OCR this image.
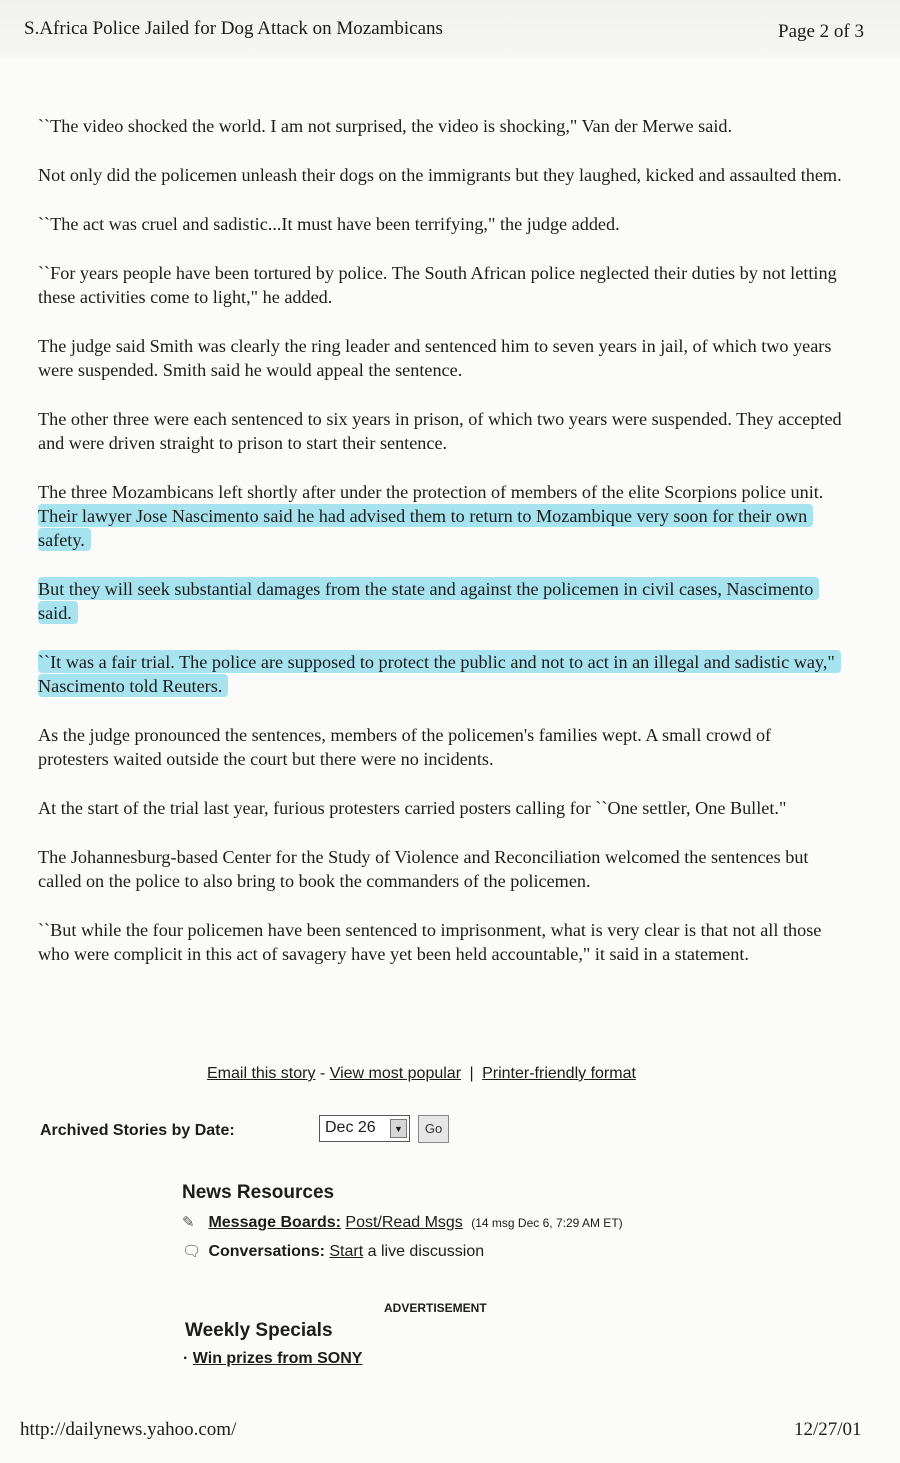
S.Africa Police Jailed for Dog Attack on Mozambicans	Page 2 of 3

``The video shocked the world. I am not surprised, the video is shocking," Van der Merwe said.

Not only did the policemen unleash their dogs on the immigrants but they laughed, kicked and assaulted them.

``The act was cruel and sadistic...It must have been terrifying," the judge added.

``For years people have been tortured by police. The South African police neglected their duties by not letting these activities come to light," he added.

The judge said Smith was clearly the ring leader and sentenced him to seven years in jail, of which two years were suspended. Smith said he would appeal the sentence.

The other three were each sentenced to six years in prison, of which two years were suspended. They accepted and were driven straight to prison to start their sentence.

The three Mozambicans left shortly after under the protection of members of the elite Scorpions police unit. Their lawyer Jose Nascimento said he had advised them to return to Mozambique very soon for their own safety.

But they will seek substantial damages from the state and against the policemen in civil cases, Nascimento said.

``It was a fair trial. The police are supposed to protect the public and not to act in an illegal and sadistic way," Nascimento told Reuters.

As the judge pronounced the sentences, members of the policemen's families wept. A small crowd of protesters waited outside the court but there were no incidents.

At the start of the trial last year, furious protesters carried posters calling for ``One settler, One Bullet."

The Johannesburg-based Center for the Study of Violence and Reconciliation welcomed the sentences but called on the police to also bring to book the commanders of the policemen.

``But while the four policemen have been sentenced to imprisonment, what is very clear is that not all those who were complicit in this act of savagery have yet been held accountable," it said in a statement.

Email this story - View most popular | Printer-friendly format
Archived Stories by Date:	Dec 26	▼	Go
News Resources
✎ Message Boards: Post/Read Msgs (14 msg Dec 6, 7:29 AM ET)
🗨 Conversations: Start a live discussion
ADVERTISEMENT
Weekly Specials
· Win prizes from SONY
http://dailynews.yahoo.com/	12/27/01
